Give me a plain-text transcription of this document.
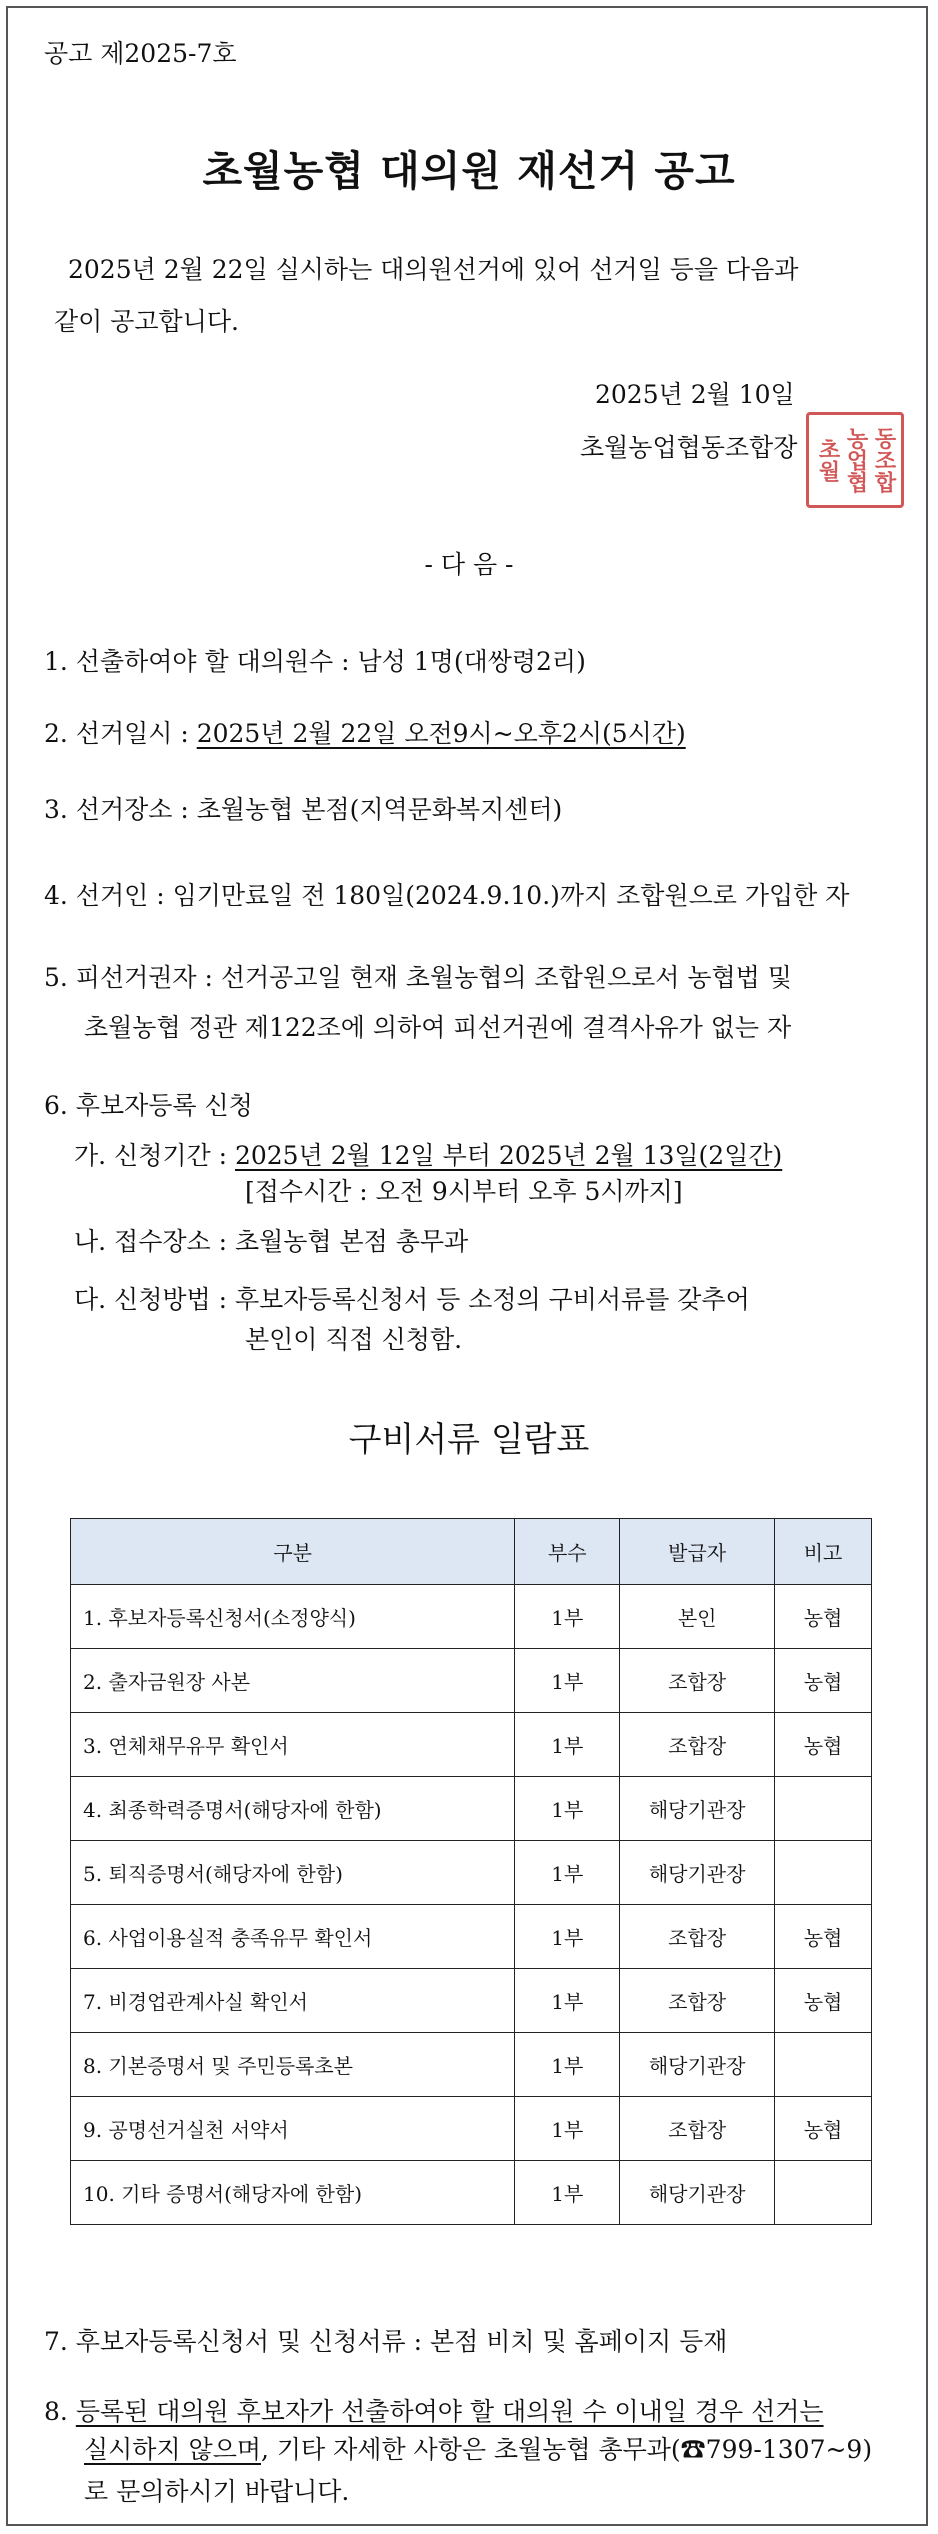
공고 제2025-7호
초월농협 대의원 재선거 공고
2025년 2월 22일 실시하는 대의원선거에 있어 선거일 등을 다음과
같이 공고합니다.
2025년 2월 10일
초월농업협동조합장 초월 농업협 동조합
- 다 음 -
1. 선출하여야 할 대의원수 : 남성 1명(대쌍령2리)
2. 선거일시 : 2025년 2월 22일 오전9시~오후2시(5시간)
3. 선거장소 : 초월농협 본점(지역문화복지센터)
4. 선거인 : 임기만료일 전 180일(2024.9.10.)까지 조합원으로 가입한 자
5. 피선거권자 : 선거공고일 현재 초월농협의 조합원으로서 농협법 및
초월농협 정관 제122조에 의하여 피선거권에 결격사유가 없는 자
6. 후보자등록 신청
가. 신청기간 : 2025년 2월 12일 부터 2025년 2월 13일(2일간)
[접수시간 : 오전 9시부터 오후 5시까지]
나. 접수장소 : 초월농협 본점 총무과
다. 신청방법 : 후보자등록신청서 등 소정의 구비서류를 갖추어
본인이 직접 신청함.
구비서류 일람표
구분	부수	발급자	비고
1. 후보자등록신청서(소정양식)	1부	본인	농협
2. 출자금원장 사본	1부	조합장	농협
3. 연체채무유무 확인서	1부	조합장	농협
4. 최종학력증명서(해당자에 한함)	1부	해당기관장	
5. 퇴직증명서(해당자에 한함)	1부	해당기관장	
6. 사업이용실적 충족유무 확인서	1부	조합장	농협
7. 비경업관계사실 확인서	1부	조합장	농협
8. 기본증명서 및 주민등록초본	1부	해당기관장	
9. 공명선거실천 서약서	1부	조합장	농협
10. 기타 증명서(해당자에 한함)	1부	해당기관장	
7. 후보자등록신청서 및 신청서류 : 본점 비치 및 홈페이지 등재
8. 등록된 대의원 후보자가 선출하여야 할 대의원 수 이내일 경우 선거는
실시하지 않으며, 기타 자세한 사항은 초월농협 총무과(☎799-1307~9)
로 문의하시기 바랍니다.
